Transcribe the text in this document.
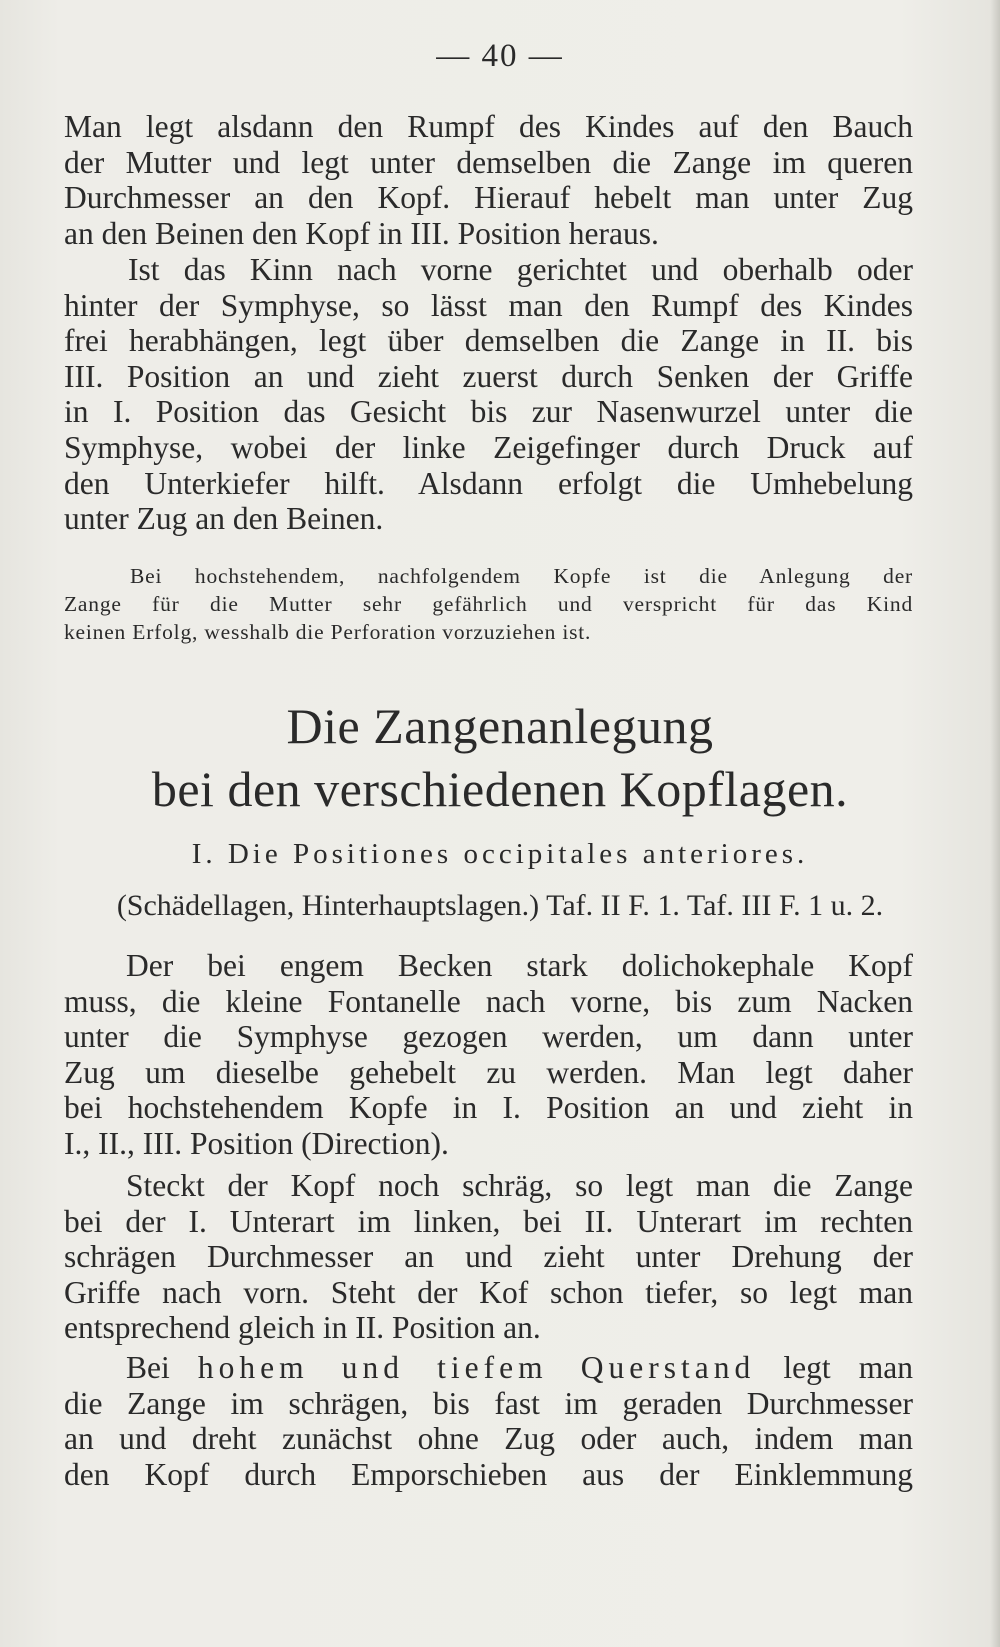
— 40 —

Man legt alsdann den Rumpf des Kindes auf den Bauch
der Mutter und legt unter demselben die Zange im queren
Durchmesser an den Kopf. Hierauf hebelt man unter Zug
an den Beinen den Kopf in III. Position heraus.

Ist das Kinn nach vorne gerichtet und oberhalb oder
hinter der Symphyse, so lässt man den Rumpf des Kindes
frei herabhängen, legt über demselben die Zange in II. bis
III. Position an und zieht zuerst durch Senken der Griffe
in I. Position das Gesicht bis zur Nasenwurzel unter die
Symphyse, wobei der linke Zeigefinger durch Druck auf
den Unterkiefer hilft. Alsdann erfolgt die Umhebelung
unter Zug an den Beinen.

Bei hochstehendem, nachfolgendem Kopfe ist die Anlegung der
Zange für die Mutter sehr gefährlich und verspricht für das Kind
keinen Erfolg, wesshalb die Perforation vorzuziehen ist.

Die Zangenanlegung
bei den verschiedenen Kopflagen.
I. Die Positiones occipitales anteriores.
(Schädellagen, Hinterhauptslagen.) Taf. II F. 1. Taf. III F. 1 u. 2.

Der bei engem Becken stark dolichokephale Kopf
muss, die kleine Fontanelle nach vorne, bis zum Nacken
unter die Symphyse gezogen werden, um dann unter
Zug um dieselbe gehebelt zu werden. Man legt daher
bei hochstehendem Kopfe in I. Position an und zieht in
I., II., III. Position (Direction).

Steckt der Kopf noch schräg, so legt man die Zange
bei der I. Unterart im linken, bei II. Unterart im rechten
schrägen Durchmesser an und zieht unter Drehung der
Griffe nach vorn. Steht der Kof schon tiefer, so legt man
entsprechend gleich in II. Position an.

Bei hohem und tiefem Querstand legt man
die Zange im schrägen, bis fast im geraden Durchmesser
an und dreht zunächst ohne Zug oder auch, indem man
den Kopf durch Emporschieben aus der Einklemmung
